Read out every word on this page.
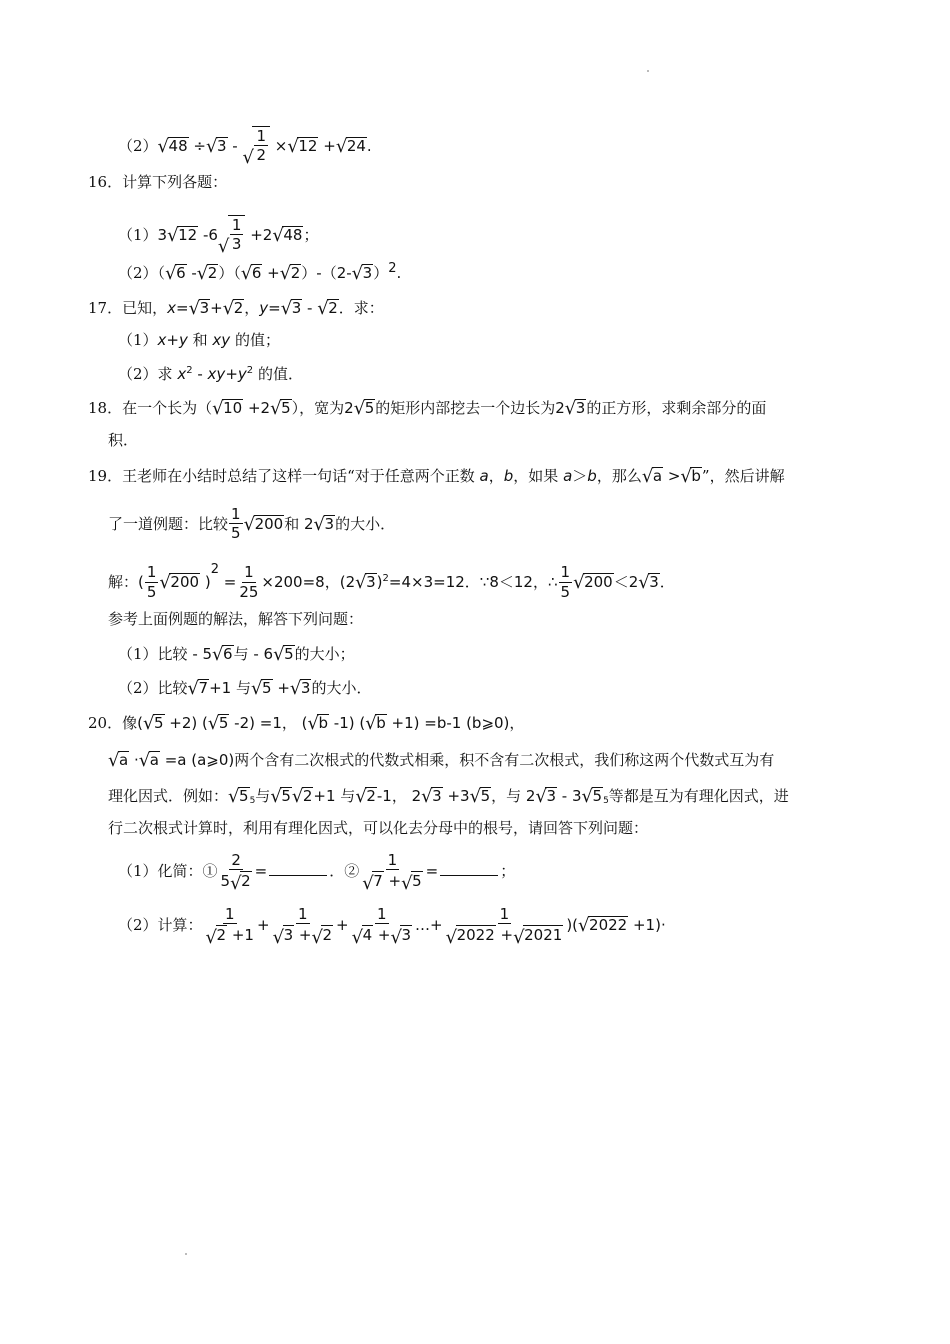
（2）√ 48 ÷√ 3 -
√ $\frac{1}{2}$ ×√ 12 +√ 24.
16．计算下列各题：
（1）3√ 12 -6
√ $\frac{1}{3} +2√$ 48；
（2）（√ 6 -√ 2）（√ 6 +√ 2）-（2-√ 3）$^2$.
17．已知，x=√ 3+√ 2，y=√ 3 - √ 2．求：
（1）x+y 和 xy 的值；
（2）求 $x^2 - xy+y^2$ 的值．
18．在一个长为（√ 10 +2√ 5），宽为2√ 5的矩形内部挖去一个边长为2√ 3的正方形，求剩余部分的面
积．
19．王老师在小结时总结了这样一句话“对于任意两个正数 a，b，如果 a＞b，那么√ a >√ b”，然后讲解
了一道例题：比较 $\frac{1}{5}$
√ 200和 2√ 3的大小．
解：( $\frac{1}{5}$
√ 200 )$^2 = \frac{1}{25} \times 200=8$，(2√ 3)$^2$=4×3=12．∵8＜12，∴ $\frac{1}{5}$
√ 200＜2√ 3．
参考上面例题的解法，解答下列问题：
（1）比较 - 5√ 6与 - 6√ 5的大小；
（2）比较√ 7+1 与√ 5 +√ 3的大小．
20．像(√ 5 +2) (√ 5 -2) =1， (√ b -1) (√ b +1) =b-1 (b⩾0)，
√ a ·√ a =a (a⩾0)两个含有二次根式的代数式相乘，积不含有二次根式，我们称这两个代数式互为有
理化因式．例如：√ $5_5$与√ 5√ 2+1 与√ 2-1， 2√ 3 +3√ 5，与 2√ 3 - 3√ $5_5$等都是互为有理化因式，进
行二次根式计算时，利用有理化因式，可以化去分母中的根号，请回答下列问题：
（1）化简：① $\frac{2}{5√ 2}$ =	．② 1
√ 7 +√ 5 =	；
（2）计算： 1
√ 2 +1 + 1
√ 3 +√ 2 + 1
√ 4 +√ 3 …+ 1
√ 2022 +√ 2021 )(√ 2022 +1)·
